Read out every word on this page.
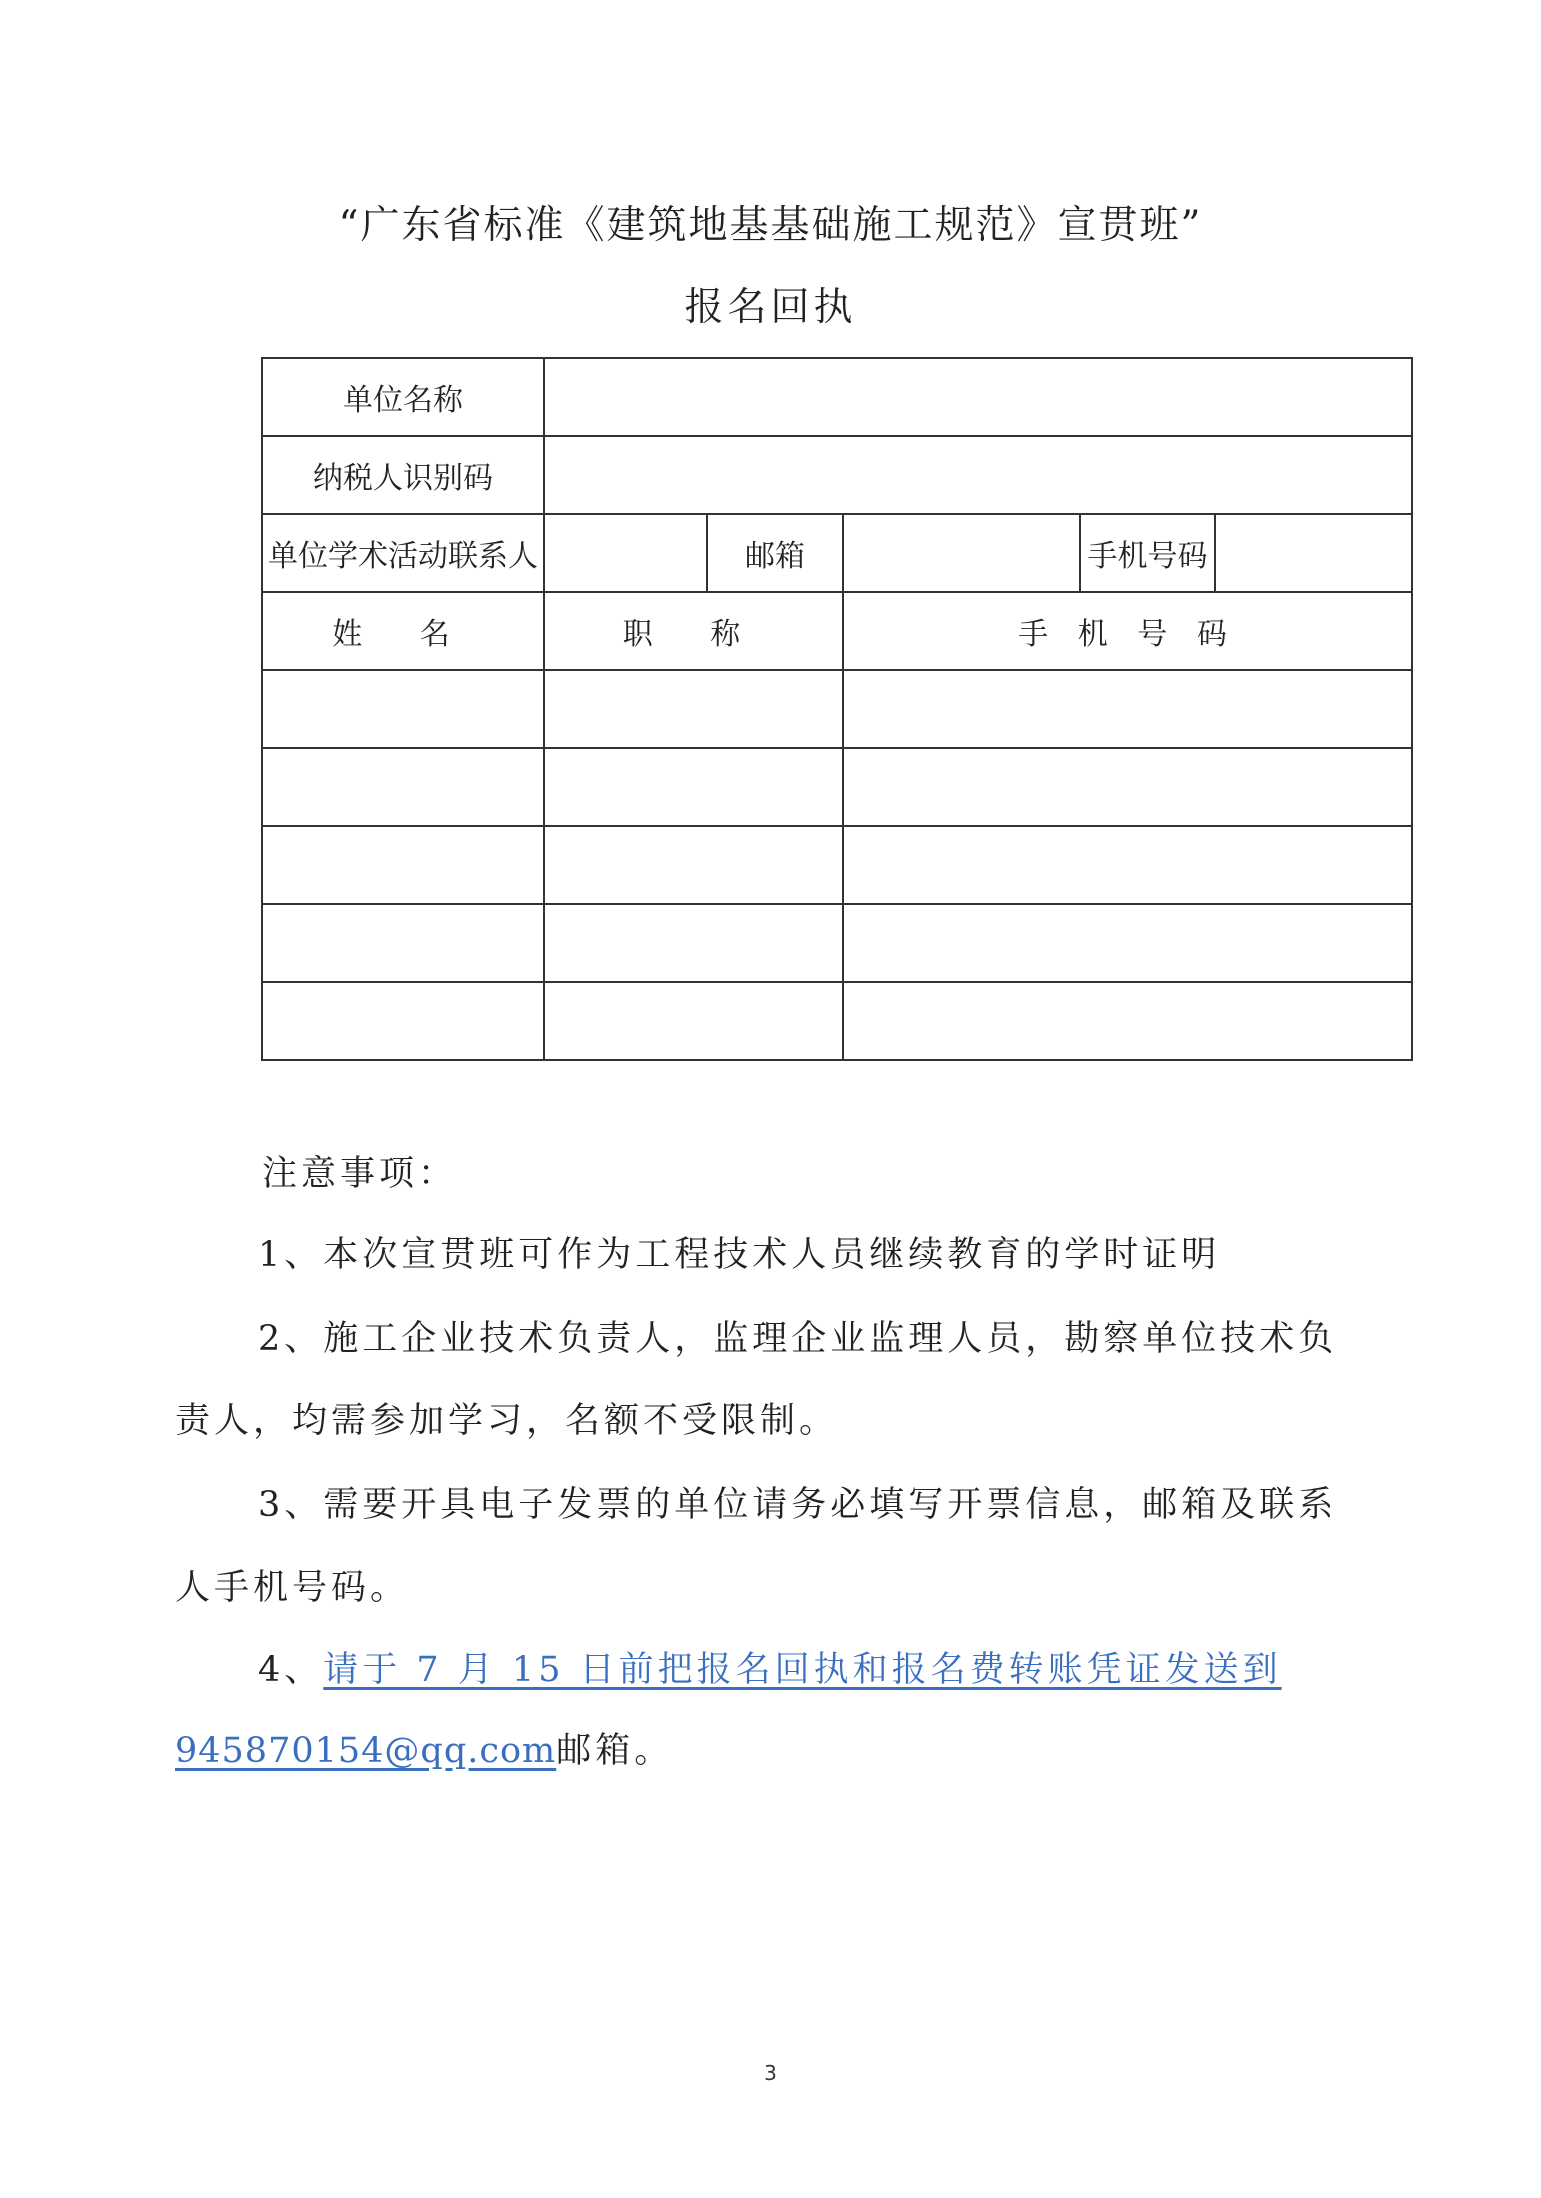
“广东省标准《建筑地基基础施工规范》宣贯班”
报名回执
单位名称					
纳税人识别码					
单位学术活动联系人		邮箱		手机号码	
姓 名	职 称		手 机 号 码		

注意事项：
1、本次宣贯班可作为工程技术人员继续教育的学时证明
2、施工企业技术负责人，监理企业监理人员，勘察单位技术负
责人，均需参加学习，名额不受限制。
3、需要开具电子发票的单位请务必填写开票信息，邮箱及联系
人手机号码。
4、请于 7 月 15 日前把报名回执和报名费转账凭证发送到
945870154@qq.com邮箱。
3
